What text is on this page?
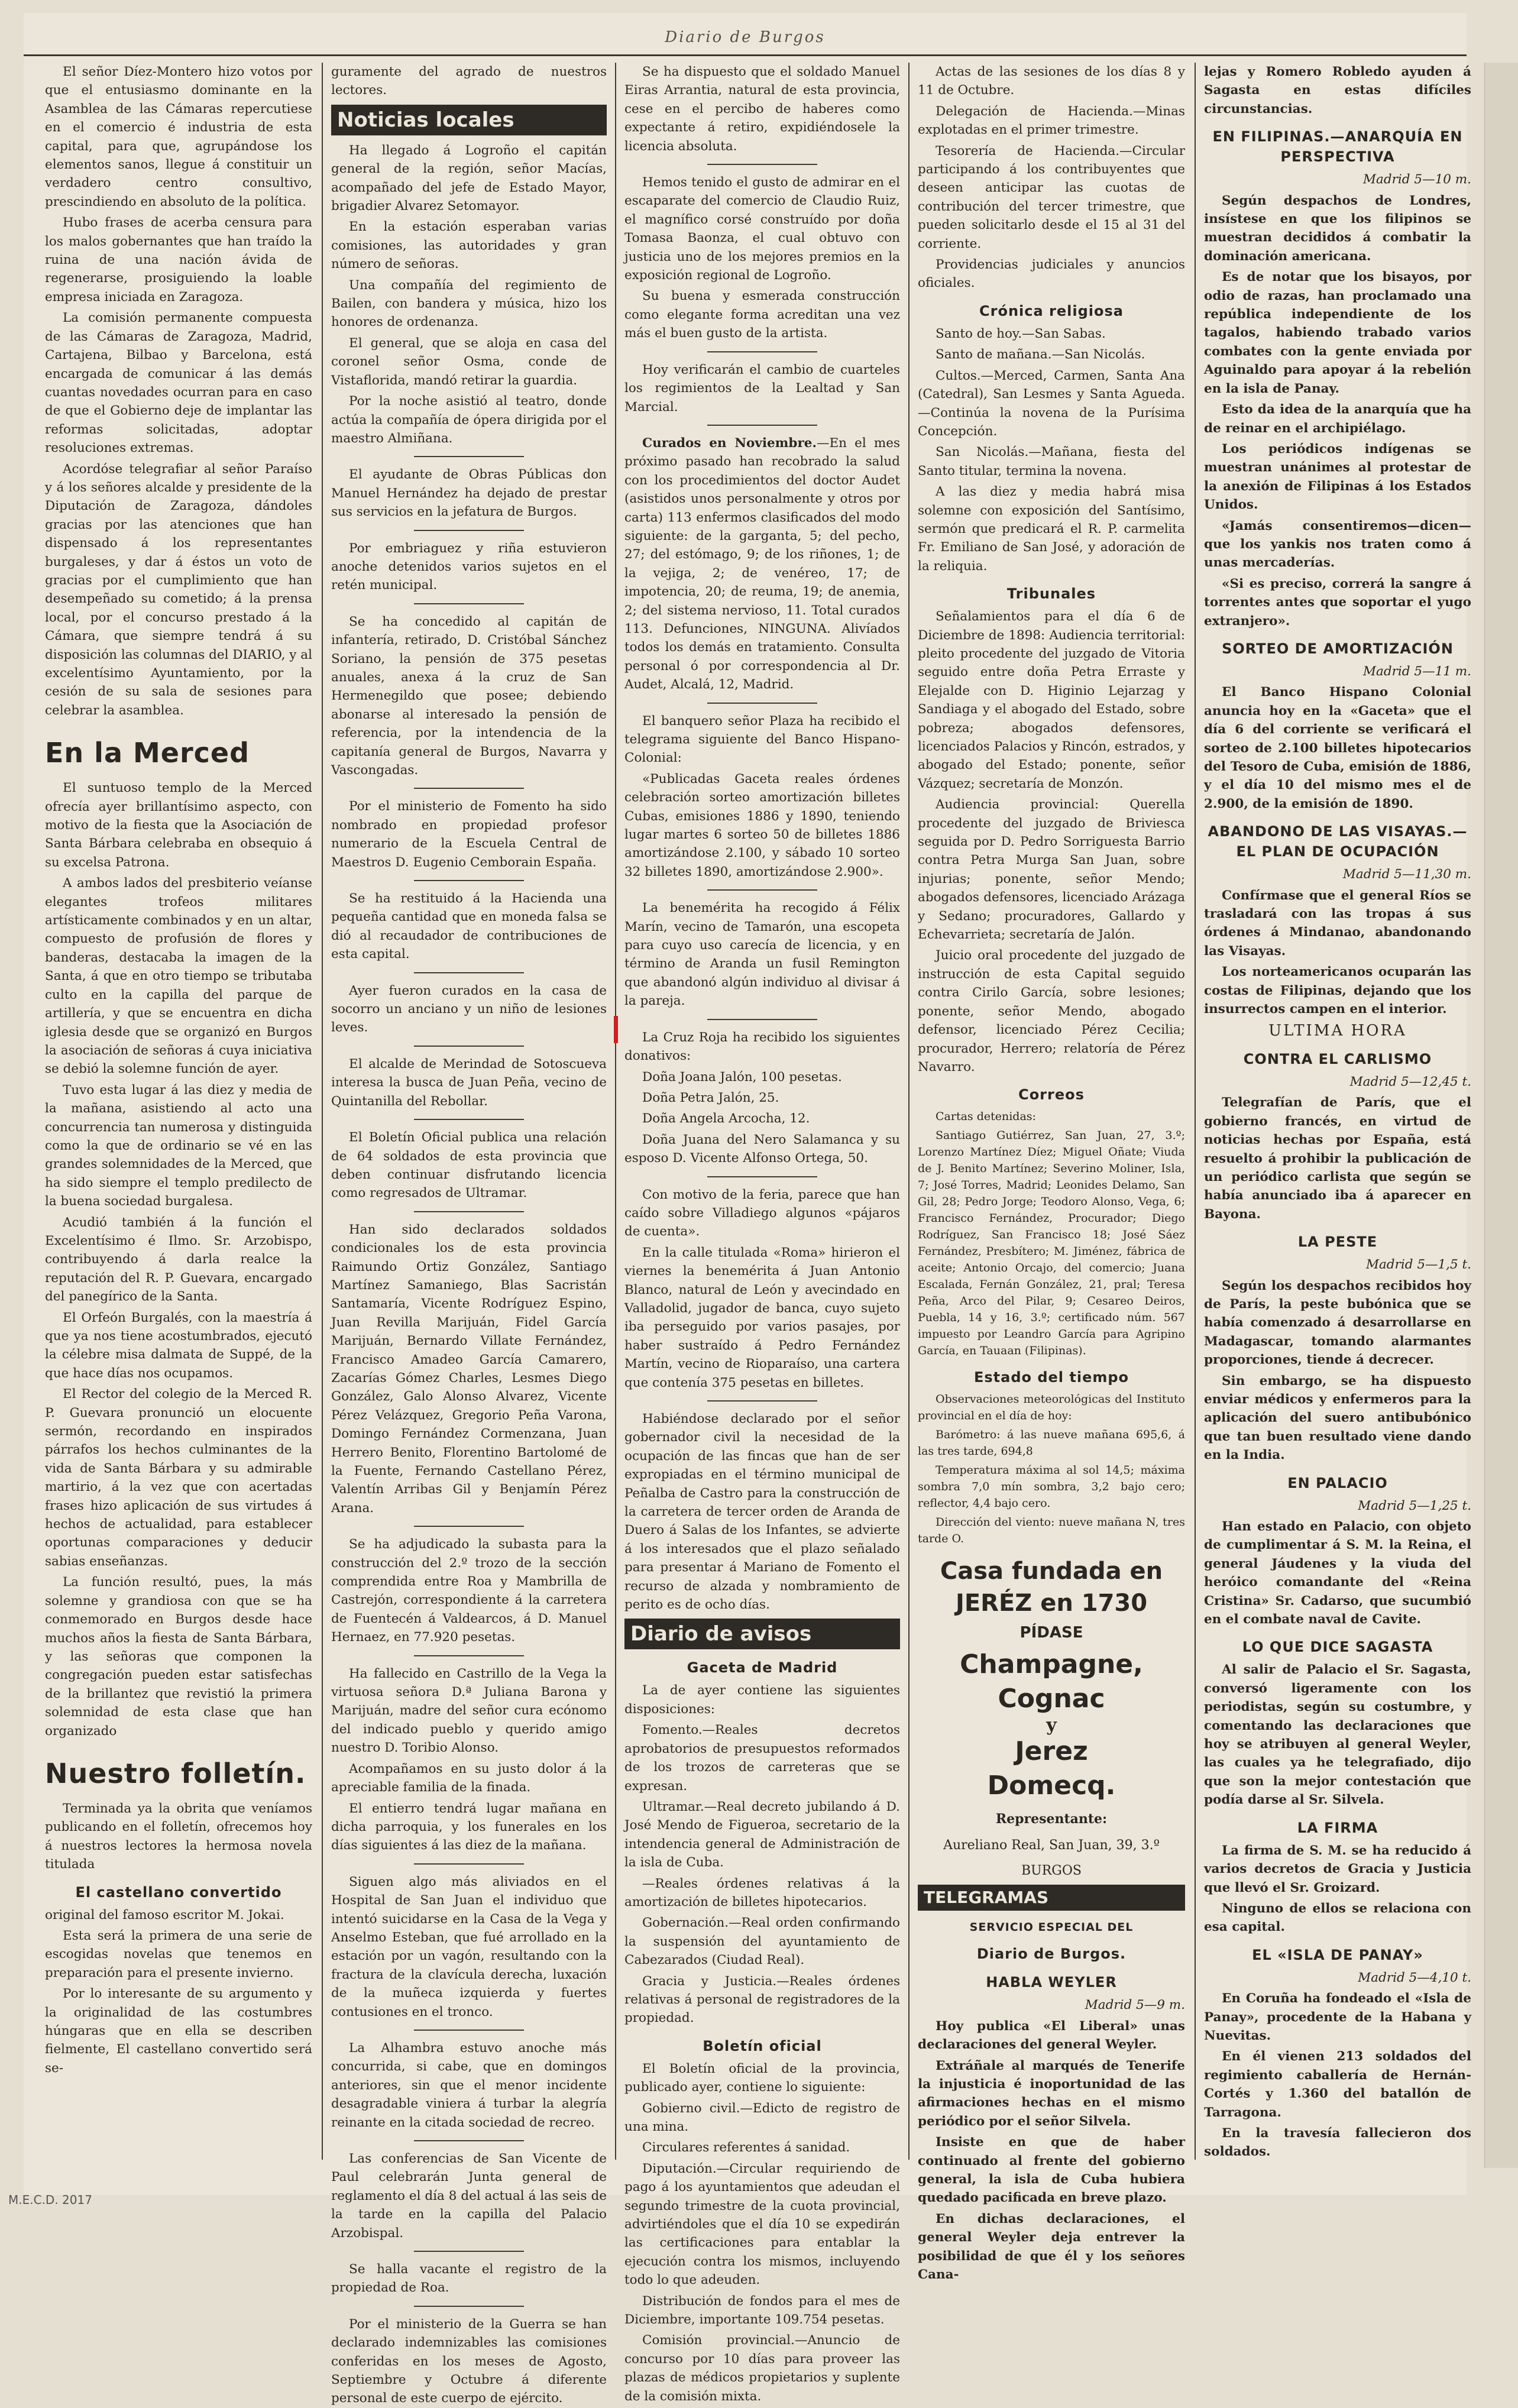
Diario de Burgos

El señor Díez-Montero hizo votos por que el entusiasmo dominante en la Asamblea de las Cámaras repercutiese en el comercio é industria de esta capital, para que, agrupándose los elementos sanos, llegue á constituir un verdadero centro consultivo, prescindiendo en absoluto de la política.

Hubo frases de acerba censura para los malos gobernantes que han traído la ruina de una nación ávida de regenerarse, prosiguiendo la loable empresa iniciada en Zaragoza.

La comisión permanente compuesta de las Cámaras de Zaragoza, Madrid, Cartajena, Bilbao y Barcelona, está encargada de comunicar á las demás cuantas novedades ocurran para en caso de que el Gobierno deje de implantar las reformas solicitadas, adoptar resoluciones extremas.

Acordóse telegrafiar al señor Paraíso y á los señores alcalde y presidente de la Diputación de Zaragoza, dándoles gracias por las atenciones que han dispensado á los representantes burgaleses, y dar á éstos un voto de gracias por el cumplimiento que han desempeñado su cometido; á la prensa local, por el concurso prestado á la Cámara, que siempre tendrá á su disposición las columnas del DIARIO, y al excelentísimo Ayuntamiento, por la cesión de su sala de sesiones para celebrar la asamblea.

En la Merced

El suntuoso templo de la Merced ofrecía ayer brillantísimo aspecto, con motivo de la fiesta que la Asociación de Santa Bárbara celebraba en obsequio á su excelsa Patrona.

A ambos lados del presbiterio veíanse elegantes trofeos militares artísticamente combinados y en un altar, compuesto de profusión de flores y banderas, destacaba la imagen de la Santa, á que en otro tiempo se tributaba culto en la capilla del parque de artillería, y que se encuentra en dicha iglesia desde que se organizó en Burgos la asociación de señoras á cuya iniciativa se debió la solemne función de ayer.

Tuvo esta lugar á las diez y media de la mañana, asistiendo al acto una concurrencia tan numerosa y distinguida como la que de ordinario se vé en las grandes solemnidades de la Merced, que ha sido siempre el templo predilecto de la buena sociedad burgalesa.

Acudió también á la función el Excelentísimo é Ilmo. Sr. Arzobispo, contribuyendo á darla realce la reputación del R. P. Guevara, encargado del panegírico de la Santa.

El Orfeón Burgalés, con la maestría á que ya nos tiene acostumbrados, ejecutó la célebre misa dalmata de Suppé, de la que hace días nos ocupamos.

El Rector del colegio de la Merced R. P. Guevara pronunció un elocuente sermón, recordando en inspirados párrafos los hechos culminantes de la vida de Santa Bárbara y su admirable martirio, á la vez que con acertadas frases hizo aplicación de sus virtudes á hechos de actualidad, para establecer oportunas comparaciones y deducir sabias enseñanzas.

La función resultó, pues, la más solemne y grandiosa con que se ha conmemorado en Burgos desde hace muchos años la fiesta de Santa Bárbara, y las señoras que componen la congregación pueden estar satisfechas de la brillantez que revistió la primera solemnidad de esta clase que han organizado

Nuestro folletín.

Terminada ya la obrita que veníamos publicando en el folletín, ofrecemos hoy á nuestros lectores la hermosa novela titulada

El castellano convertido

original del famoso escritor M. Jokai.

Esta será la primera de una serie de escogidas novelas que tenemos en preparación para el presente invierno.

Por lo interesante de su argumento y la originalidad de las costumbres húngaras que en ella se describen fielmente, El castellano convertido será se-

guramente del agrado de nuestros lectores.

Noticias locales

Ha llegado á Logroño el capitán general de la región, señor Macías, acompañado del jefe de Estado Mayor, brigadier Alvarez Setomayor.

En la estación esperaban varias comisiones, las autoridades y gran número de señoras.

Una compañía del regimiento de Bailen, con bandera y música, hizo los honores de ordenanza.

El general, que se aloja en casa del coronel señor Osma, conde de Vistaflorida, mandó retirar la guardia.

Por la noche asistió al teatro, donde actúa la compañía de ópera dirigida por el maestro Almiñana.

El ayudante de Obras Públicas don Manuel Hernández ha dejado de prestar sus servicios en la jefatura de Burgos.

Por embriaguez y riña estuvieron anoche detenidos varios sujetos en el retén municipal.

Se ha concedido al capitán de infantería, retirado, D. Cristóbal Sánchez Soriano, la pensión de 375 pesetas anuales, anexa á la cruz de San Hermenegildo que posee; debiendo abonarse al interesado la pensión de referencia, por la intendencia de la capitanía general de Burgos, Navarra y Vascongadas.

Por el ministerio de Fomento ha sido nombrado en propiedad profesor numerario de la Escuela Central de Maestros D. Eugenio Cemborain España.

Se ha restituido á la Hacienda una pequeña cantidad que en moneda falsa se dió al recaudador de contribuciones de esta capital.

Ayer fueron curados en la casa de socorro un anciano y un niño de lesiones leves.

El alcalde de Merindad de Sotoscueva interesa la busca de Juan Peña, vecino de Quintanilla del Rebollar.

El Boletín Oficial publica una relación de 64 soldados de esta provincia que deben continuar disfrutando licencia como regresados de Ultramar.

Han sido declarados soldados condicionales los de esta provincia Raimundo Ortiz González, Santiago Martínez Samaniego, Blas Sacristán Santamaría, Vicente Rodríguez Espino, Juan Revilla Marijuán, Fidel García Marijuán, Bernardo Villate Fernández, Francisco Amadeo García Camarero, Zacarías Gómez Charles, Lesmes Diego González, Galo Alonso Alvarez, Vicente Pérez Velázquez, Gregorio Peña Varona, Domingo Fernández Cormenzana, Juan Herrero Benito, Florentino Bartolomé de la Fuente, Fernando Castellano Pérez, Valentín Arribas Gil y Benjamín Pérez Arana.

Se ha adjudicado la subasta para la construcción del 2.º trozo de la sección comprendida entre Roa y Mambrilla de Castrejón, correspondiente á la carretera de Fuentecén á Valdearcos, á D. Manuel Hernaez, en 77.920 pesetas.

Ha fallecido en Castrillo de la Vega la virtuosa señora D.ª Juliana Barona y Marijuán, madre del señor cura ecónomo del indicado pueblo y querido amigo nuestro D. Toribio Alonso.

Acompañamos en su justo dolor á la apreciable familia de la finada.

El entierro tendrá lugar mañana en dicha parroquia, y los funerales en los días siguientes á las diez de la mañana.

Siguen algo más aliviados en el Hospital de San Juan el individuo que intentó suicidarse en la Casa de la Vega y Anselmo Esteban, que fué arrollado en la estación por un vagón, resultando con la fractura de la clavícula derecha, luxación de la muñeca izquierda y fuertes contusiones en el tronco.

La Alhambra estuvo anoche más concurrida, si cabe, que en domingos anteriores, sin que el menor incidente desagradable viniera á turbar la alegría reinante en la citada sociedad de recreo.

Las conferencias de San Vicente de Paul celebrarán Junta general de reglamento el día 8 del actual á las seis de la tarde en la capilla del Palacio Arzobispal.

Se halla vacante el registro de la propiedad de Roa.

Por el ministerio de la Guerra se han declarado indemnizables las comisiones conferidas en los meses de Agosto, Septiembre y Octubre á diferente personal de este cuerpo de ejército.

Se ha dispuesto que el soldado Manuel Eiras Arrantia, natural de esta provincia, cese en el percibo de haberes como expectante á retiro, expidiéndosele la licencia absoluta.

Hemos tenido el gusto de admirar en el escaparate del comercio de Claudio Ruiz, el magnífico corsé construído por doña Tomasa Baonza, el cual obtuvo con justicia uno de los mejores premios en la exposición regional de Logroño.

Su buena y esmerada construcción como elegante forma acreditan una vez más el buen gusto de la artista.

Hoy verificarán el cambio de cuarteles los regimientos de la Lealtad y San Marcial.

Curados en Noviembre.—En el mes próximo pasado han recobrado la salud con los procedimientos del doctor Audet (asistidos unos personalmente y otros por carta) 113 enfermos clasificados del modo siguiente: de la garganta, 5; del pecho, 27; del estómago, 9; de los riñones, 1; de la vejiga, 2; de venéreo, 17; de impotencia, 20; de reuma, 19; de anemia, 2; del sistema nervioso, 11. Total curados 113. Defunciones, NINGUNA. Alivíados todos los demás en tratamiento. Consulta personal ó por correspondencia al Dr. Audet, Alcalá, 12, Madrid.

El banquero señor Plaza ha recibido el telegrama siguiente del Banco Hispano-Colonial:

«Publicadas Gaceta reales órdenes celebración sorteo amortización billetes Cubas, emisiones 1886 y 1890, teniendo lugar martes 6 sorteo 50 de billetes 1886 amortizándose 2.100, y sábado 10 sorteo 32 billetes 1890, amortizándose 2.900».

La benemérita ha recogido á Félix Marín, vecino de Tamarón, una escopeta para cuyo uso carecía de licencia, y en término de Aranda un fusil Remington que abandonó algún individuo al divisar á la pareja.

La Cruz Roja ha recibido los siguientes donativos:

Doña Joana Jalón, 100 pesetas.

Doña Petra Jalón, 25.

Doña Angela Arcocha, 12.

Doña Juana del Nero Salamanca y su esposo D. Vicente Alfonso Ortega, 50.

Con motivo de la feria, parece que han caído sobre Villadiego algunos «pájaros de cuenta».

En la calle titulada «Roma» hirieron el viernes la benemérita á Juan Antonio Blanco, natural de León y avecindado en Valladolid, jugador de banca, cuyo sujeto iba perseguido por varios pasajes, por haber sustraído á Pedro Fernández Martín, vecino de Rioparaíso, una cartera que contenía 375 pesetas en billetes.

Habiéndose declarado por el señor gobernador civil la necesidad de la ocupación de las fincas que han de ser expropiadas en el término municipal de Peñalba de Castro para la construcción de la carretera de tercer orden de Aranda de Duero á Salas de los Infantes, se advierte á los interesados que el plazo señalado para presentar á Mariano de Fomento el recurso de alzada y nombramiento de perito es de ocho días.

Diario de avisos
Gaceta de Madrid

La de ayer contiene las siguientes disposiciones:

Fomento.—Reales decretos aprobatorios de presupuestos reformados de los trozos de carreteras que se expresan.

Ultramar.—Real decreto jubilando á D. José Mendo de Figueroa, secretario de la intendencia general de Administración de la isla de Cuba.

—Reales órdenes relativas á la amortización de billetes hipotecarios.

Gobernación.—Real orden confirmando la suspensión del ayuntamiento de Cabezarados (Ciudad Real).

Gracia y Justicia.—Reales órdenes relativas á personal de registradores de la propiedad.

Boletín oficial

El Boletín oficial de la provincia, publicado ayer, contiene lo siguiente:

Gobierno civil.—Edicto de registro de una mina.

Circulares referentes á sanidad.

Diputación.—Circular requiriendo de pago á los ayuntamientos que adeudan el segundo trimestre de la cuota provincial, advirtiéndoles que el día 10 se expedirán las certificaciones para entablar la ejecución contra los mismos, incluyendo todo lo que adeuden.

Distribución de fondos para el mes de Diciembre, importante 109.754 pesetas.

Comisión provincial.—Anuncio de concurso por 10 días para proveer las plazas de médicos propietarios y suplente de la comisión mixta.

Actas de las sesiones de los días 8 y 11 de Octubre.

Delegación de Hacienda.—Minas explotadas en el primer trimestre.

Tesorería de Hacienda.—Circular participando á los contribuyentes que deseen anticipar las cuotas de contribución del tercer trimestre, que pueden solicitarlo desde el 15 al 31 del corriente.

Providencias judiciales y anuncios oficiales.

Crónica religiosa

Santo de hoy.—San Sabas.

Santo de mañana.—San Nicolás.

Cultos.—Merced, Carmen, Santa Ana (Catedral), San Lesmes y Santa Agueda.—Continúa la novena de la Purísima Concepción.

San Nicolás.—Mañana, fiesta del Santo titular, termina la novena.

A las diez y media habrá misa solemne con exposición del Santísimo, sermón que predicará el R. P. carmelita Fr. Emiliano de San José, y adoración de la reliquia.

Tribunales

Señalamientos para el día 6 de Diciembre de 1898: Audiencia territorial: pleito procedente del juzgado de Vitoria seguido entre doña Petra Erraste y Elejalde con D. Higinio Lejarzag y Sandiaga y el abogado del Estado, sobre pobreza; abogados defensores, licenciados Palacios y Rincón, estrados, y abogado del Estado; ponente, señor Vázquez; secretaría de Monzón.

Audiencia provincial: Querella procedente del juzgado de Briviesca seguida por D. Pedro Sorriguesta Barrio contra Petra Murga San Juan, sobre injurias; ponente, señor Mendo; abogados defensores, licenciado Arázaga y Sedano; procuradores, Gallardo y Echevarrieta; secretaría de Jalón.

Juicio oral procedente del juzgado de instrucción de esta Capital seguido contra Cirilo García, sobre lesiones; ponente, señor Mendo, abogado defensor, licenciado Pérez Cecilia; procurador, Herrero; relatoría de Pérez Navarro.

Correos

Cartas detenidas:

Santiago Gutiérrez, San Juan, 27, 3.º; Lorenzo Martínez Díez; Miguel Oñate; Viuda de J. Benito Martínez; Severino Moliner, Isla, 7; José Torres, Madrid; Leonides Delamo, San Gil, 28; Pedro Jorge; Teodoro Alonso, Vega, 6; Francisco Fernández, Procurador; Diego Rodríguez, San Francisco 18; José Sáez Fernández, Presbítero; M. Jiménez, fábrica de aceite; Antonio Orcajo, del comercio; Juana Escalada, Fernán González, 21, pral; Teresa Peña, Arco del Pilar, 9; Cesareo Deiros, Puebla, 14 y 16, 3.º; certificado núm. 567 impuesto por Leandro García para Agripino García, en Tauaan (Filipinas).

Estado del tiempo

Observaciones meteorológicas del Instituto provincial en el día de hoy:

Barómetro: á las nueve mañana 695,6, á las tres tarde, 694,8

Temperatura máxima al sol 14,5; máxima sombra 7,0 mín sombra, 3,2 bajo cero; reflector, 4,4 bajo cero.

Dirección del viento: nueve mañana N, tres tarde O.

Casa fundada en JERÉZ en 1730
PÍDASE
Champagne,
Cognac
y
Jerez
Domecq.
Representante:
Aureliano Real, San Juan, 39, 3.º
BURGOS
TELEGRAMAS
SERVICIO ESPECIAL DEL
Diario de Burgos.
HABLA WEYLER

Madrid 5—9 m.

Hoy publica «El Liberal» unas declaraciones del general Weyler.

Extráñale al marqués de Tenerife la injusticia é inoportunidad de las afirmaciones hechas en el mismo periódico por el señor Silvela.

Insiste en que de haber continuado al frente del gobierno general, la isla de Cuba hubiera quedado pacificada en breve plazo.

En dichas declaraciones, el general Weyler deja entrever la posibilidad de que él y los señores Cana-

lejas y Romero Robledo ayuden á Sagasta en estas difíciles circunstancias.

EN FILIPINAS.—ANARQUÍA EN PERSPECTIVA

Madrid 5—10 m.

Según despachos de Londres, insístese en que los filipinos se muestran decididos á combatir la dominación americana.

Es de notar que los bisayos, por odio de razas, han proclamado una república independiente de los tagalos, habiendo trabado varios combates con la gente enviada por Aguinaldo para apoyar á la rebelión en la isla de Panay.

Esto da idea de la anarquía que ha de reinar en el archipiélago.

Los periódicos indígenas se muestran unánimes al protestar de la anexión de Filipinas á los Estados Unidos.

«Jamás consentiremos—dicen—que los yankis nos traten como á unas mercaderías.

«Si es preciso, correrá la sangre á torrentes antes que soportar el yugo extranjero».

SORTEO DE AMORTIZACIÓN

Madrid 5—11 m.

El Banco Hispano Colonial anuncia hoy en la «Gaceta» que el día 6 del corriente se verificará el sorteo de 2.100 billetes hipotecarios del Tesoro de Cuba, emisión de 1886, y el día 10 del mismo mes el de 2.900, de la emisión de 1890.

ABANDONO DE LAS VISAYAS.—EL PLAN DE OCUPACIÓN

Madrid 5—11,30 m.

Confírmase que el general Ríos se trasladará con las tropas á sus órdenes á Mindanao, abandonando las Visayas.

Los norteamericanos ocuparán las costas de Filipinas, dejando que los insurrectos campen en el interior.

ULTIMA HORA
CONTRA EL CARLISMO

Madrid 5—12,45 t.

Telegrafían de París, que el gobierno francés, en virtud de noticias hechas por España, está resuelto á prohibir la publicación de un periódico carlista que según se había anunciado iba á aparecer en Bayona.

LA PESTE

Madrid 5—1,5 t.

Según los despachos recibidos hoy de París, la peste bubónica que se había comenzado á desarrollarse en Madagascar, tomando alarmantes proporciones, tiende á decrecer.

Sin embargo, se ha dispuesto enviar médicos y enfermeros para la aplicación del suero antibubónico que tan buen resultado viene dando en la India.

EN PALACIO

Madrid 5—1,25 t.

Han estado en Palacio, con objeto de cumplimentar á S. M. la Reina, el general Jáudenes y la viuda del heróico comandante del «Reina Cristina» Sr. Cadarso, que sucumbió en el combate naval de Cavite.

LO QUE DICE SAGASTA

Al salir de Palacio el Sr. Sagasta, conversó ligeramente con los periodistas, según su costumbre, y comentando las declaraciones que hoy se atribuyen al general Weyler, las cuales ya he telegrafiado, dijo que son la mejor contestación que podía darse al Sr. Silvela.

LA FIRMA

La firma de S. M. se ha reducido á varios decretos de Gracia y Justicia que llevó el Sr. Groizard.

Ninguno de ellos se relaciona con esa capital.

EL «ISLA DE PANAY»

Madrid 5—4,10 t.

En Coruña ha fondeado el «Isla de Panay», procedente de la Habana y Nuevitas.

En él vienen 213 soldados del regimiento caballería de Hernán-Cortés y 1.360 del batallón de Tarragona.

En la travesía fallecieron dos soldados.

M.E.C.D. 2017
